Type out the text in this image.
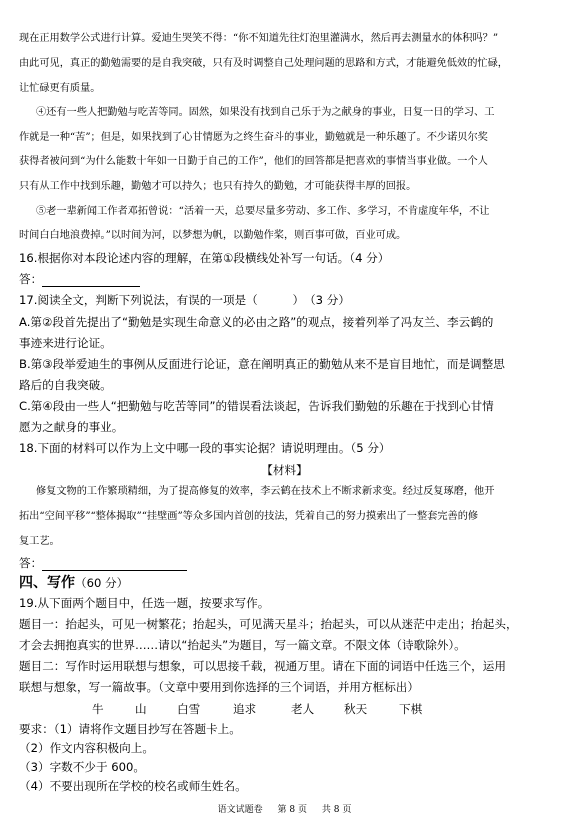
现在正用数学公式进行计算。爱迪生哭笑不得：“你不知道先往灯泡里灌满水，然后再去测量水的体积吗？”
由此可见，真正的勤勉需要的是自我突破，只有及时调整自己处理问题的思路和方式，才能避免低效的忙碌，
让忙碌更有质量。
④还有一些人把勤勉与吃苦等同。固然，如果没有找到自己乐于为之献身的事业，日复一日的学习、工
作就是一种“苦”；但是，如果找到了心甘情愿为之终生奋斗的事业，勤勉就是一种乐趣了。不少诺贝尔奖
获得者被问到“为什么能数十年如一日勤于自己的工作”，他们的回答都是把喜欢的事情当事业做。一个人
只有从工作中找到乐趣，勤勉才可以持久；也只有持久的勤勉，才可能获得丰厚的回报。
⑤老一辈新闻工作者邓拓曾说：“活着一天，总要尽量多劳动、多工作、多学习，不肯虚度年华，不让
时间白白地浪费掉。”以时间为河，以梦想为帆，以勤勉作桨，则百事可做，百业可成。
16.根据你对本段论述内容的理解，在第①段横线处补写一句话。（4 分）
答：
17.阅读全文，判断下列说法，有误的一项是（　　　）　（3 分）
A.第②段首先提出了“勤勉是实现生命意义的必由之路”的观点，接着列举了冯友兰、李云鹤的
事迹来进行论证。
B.第③段举爱迪生的事例从反面进行论证，意在阐明真正的勤勉从来不是盲目地忙，而是调整思
路后的自我突破。
C.第④段由一些人“把勤勉与吃苦等同”的错误看法谈起，告诉我们勤勉的乐趣在于找到心甘情
愿为之献身的事业。
18.下面的材料可以作为上文中哪一段的事实论据？请说明理由。（5 分）
【材料】
修复文物的工作繁琐精细，为了提高修复的效率，李云鹤在技术上不断求新求变。经过反复琢磨，他开
拓出“空间平移”“整体揭取”“挂壁画”等众多国内首创的技法，凭着自己的努力摸索出了一整套完善的修
复工艺。
答：
四、写作（60 分）
19.从下面两个题目中，任选一题，按要求写作。
题目一：抬起头，可见一树繁花；抬起头，可见满天星斗；抬起头，可以从迷茫中走出；抬起头，
才会去拥抱真实的世界……请以“抬起头”为题目，写一篇文章。不限文体（诗歌除外）。
题目二：写作时运用联想与想象，可以思接千载，视通万里。请在下面的词语中任选三个，运用
联想与想象，写一篇故事。（文章中要用到你选择的三个词语，并用方框标出）
牛	山	白雪	追求	老人	秋天	下棋
要求：（1）请将作文题目抄写在答题卡上。
（2）作文内容积极向上。
（3）字数不少于 600。
（4）不要出现所在学校的校名或师生姓名。
语文试题卷 第 8 页 共 8 页
